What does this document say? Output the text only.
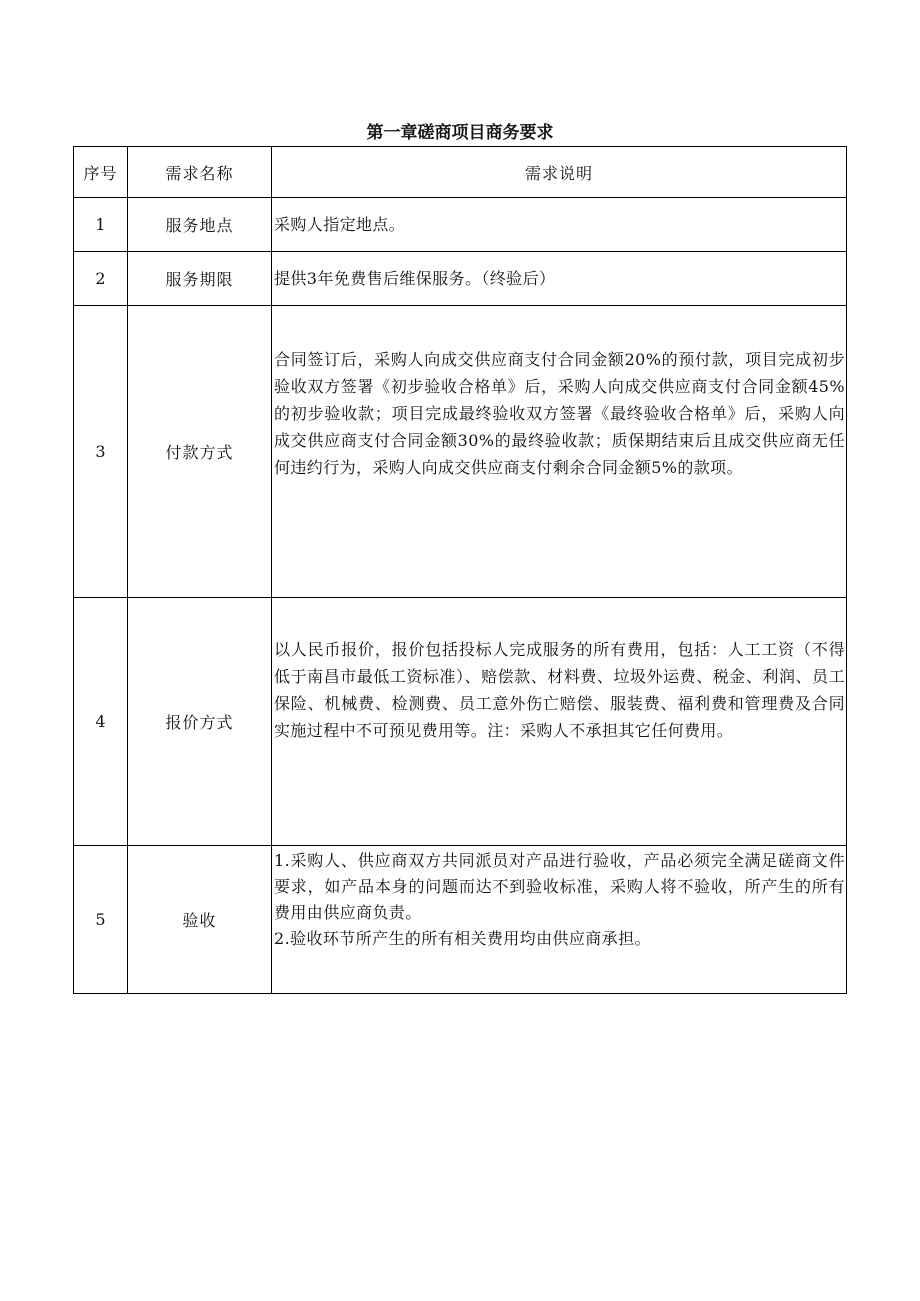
第一章磋商项目商务要求
序号	需求名称	需求说明
1	服务地点	采购人指定地点。
2	服务期限	提供3年免费售后维保服务。（终验后）
3	付款方式	合同签订后，采购人向成交供应商支付合同金额20%的预付款，项目完成初步验收双方签署《初步验收合格单》后，采购人向成交供应商支付合同金额45%的初步验收款；项目完成最终验收双方签署《最终验收合格单》后，采购人向成交供应商支付合同金额30%的最终验收款；质保期结束后且成交供应商无任何违约行为，采购人向成交供应商支付剩余合同金额5%的款项。
4	报价方式	以人民币报价，报价包括投标人完成服务的所有费用，包括：人工工资（不得低于南昌市最低工资标准）、赔偿款、材料费、垃圾外运费、税金、利润、员工保险、机械费、检测费、员工意外伤亡赔偿、服装费、福利费和管理费及合同实施过程中不可预见费用等。注：采购人不承担其它任何费用。
5	验收	1.采购人、供应商双方共同派员对产品进行验收，产品必须完全满足磋商文件要求，如产品本身的问题而达不到验收标准，采购人将不验收，所产生的所有费用由供应商负责。

2.验收环节所产生的所有相关费用均由供应商承担。
